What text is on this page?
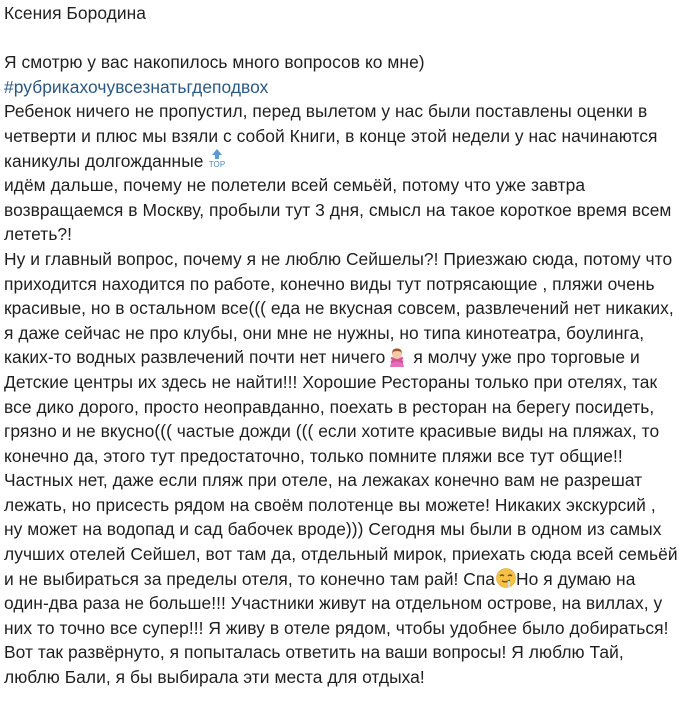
Ксения Бородина
Я смотрю у вас накопилось много вопросов ко мне)
#рубрикахочувсезнатьгдеподвох
Ребенок ничего не пропустил, перед вылетом у нас были поставлены оценки в
четверти и плюс мы взяли с собой Книги, в конце этой недели у нас начинаются
каникулы долгожданные TOP
идём дальше, почему не полетели всей семьёй, потому что уже завтра
возвращаемся в Москву, пробыли тут 3 дня, смысл на такое короткое время всем
лететь?!
Ну и главный вопрос, почему я не люблю Сейшелы?! Приезжаю сюда, потому что
приходится находится по работе, конечно виды тут потрясающие , пляжи очень
красивые, но в остальном все((( еда не вкусная совсем, развлечений нет никаких,
я даже сейчас не про клубы, они мне не нужны, но типа кинотеатра, боулинга,
каких-то водных развлечений почти нет ничего я молчу уже про торговые и
Детские центры их здесь не найти!!! Хорошие Рестораны только при отелях, так
все дико дорого, просто неоправданно, поехать в ресторан на берегу посидеть,
грязно и не вкусно((( частые дожди ((( если хотите красивые виды на пляжах, то
конечно да, этого тут предостаточно, только помните пляжи все тут общие!!
Частных нет, даже если пляж при отеле, на лежаках конечно вам не разрешат
лежать, но присесть рядом на своём полотенце вы можете! Никаких экскурсий ,
ну может на водопад и сад бабочек вроде))) Сегодня мы были в одном из самых
лучших отелей Сейшел, вот там да, отдельный мирок, приехать сюда всей семьёй
и не выбираться за пределы отеля, то конечно там рай! Спа Но я думаю на
один-два раза не больше!!! Участники живут на отдельном острове, на виллах, у
них то точно все супер!!! Я живу в отеле рядом, чтобы удобнее было добираться!
Вот так развёрнуто, я попыталась ответить на ваши вопросы! Я люблю Тай,
люблю Бали, я бы выбирала эти места для отдыха!
